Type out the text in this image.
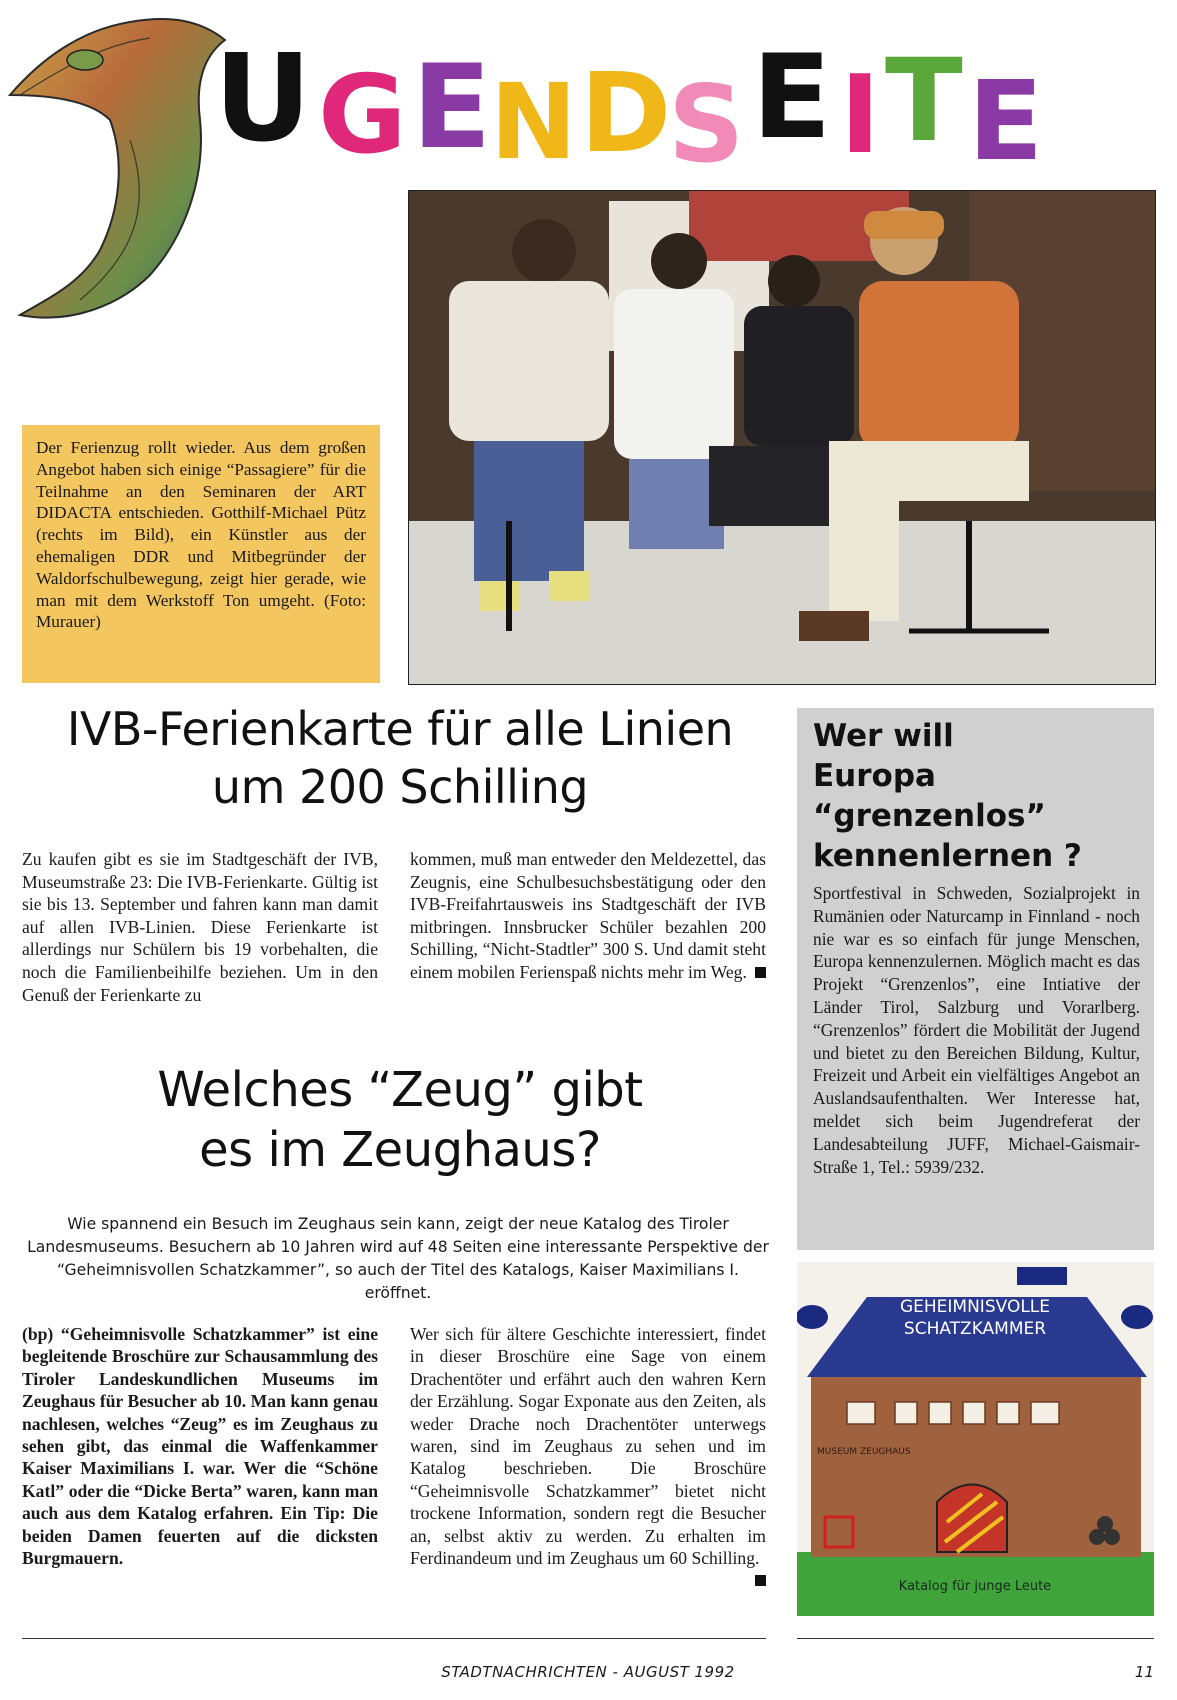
U G E
N D
S E I T E
Der Ferienzug rollt wieder. Aus dem großen Angebot haben sich einige “Passagiere” für die Teilnahme an den Seminaren der ART DIDACTA entschieden. Gotthilf-Michael Pütz (rechts im Bild), ein Künstler aus der ehemaligen DDR und Mitbegründer der Waldorfschulbewegung, zeigt hier gerade, wie man mit dem Werkstoff Ton umgeht. (Foto: Murauer)
IVB-Ferienkarte für alle Linien um 200 Schilling
Zu kaufen gibt es sie im Stadtgeschäft der IVB, Museumstraße 23: Die IVB-Ferienkarte. Gültig ist sie bis 13. September und fahren kann man damit auf allen IVB-Linien. Diese Ferienkarte ist allerdings nur Schülern bis 19 vorbehalten, die noch die Familienbeihilfe beziehen. Um in den Genuß der Ferienkarte zu
kommen, muß man entweder den Meldezettel, das Zeugnis, eine Schulbesuchsbestätigung oder den IVB-Freifahrtausweis ins Stadtgeschäft der IVB mitbringen. Innsbrucker Schüler bezahlen 200 Schilling, “Nicht-Stadtler” 300 S. Und damit steht einem mobilen Ferienspaß nichts mehr im Weg.
Welches “Zeug” gibt
es im Zeughaus?
Wie spannend ein Besuch im Zeughaus sein kann, zeigt der neue Katalog des Tiroler Landesmuseums. Besuchern ab 10 Jahren wird auf 48 Seiten eine interessante Perspektive der “Geheimnisvollen Schatzkammer”, so auch der Titel des Katalogs, Kaiser Maximilians I. eröffnet.
(bp) “Geheimnisvolle Schatzkammer” ist eine begleitende Broschüre zur Schausammlung des Tiroler Landeskundlichen Museums im Zeughaus für Besucher ab 10. Man kann genau nachlesen, welches “Zeug” es im Zeughaus zu sehen gibt, das einmal die Waffenkammer Kaiser Maximilians I. war. Wer die “Schöne Katl” oder die “Dicke Berta” waren, kann man auch aus dem Katalog erfahren. Ein Tip: Die beiden Damen feuerten auf die dicksten Burgmauern.
Wer sich für ältere Geschichte interessiert, findet in dieser Broschüre eine Sage von einem Drachentöter und erfährt auch den wahren Kern der Erzählung. Sogar Exponate aus den Zeiten, als weder Drache noch Drachentöter unterwegs waren, sind im Zeughaus zu sehen und im Katalog beschrieben. Die Broschüre “Geheimnisvolle Schatzkammer” bietet nicht trockene Information, sondern regt die Besucher an, selbst aktiv zu werden. Zu erhalten im Ferdinandeum und im Zeughaus um 60 Schilling.
Wer will
Europa
“grenzenlos”
kennenlernen ?
Sportfestival in Schweden, Sozialprojekt in Rumänien oder Naturcamp in Finnland - noch nie war es so einfach für junge Menschen, Europa kennenzulernen. Möglich macht es das Projekt “Grenzenlos”, eine Intiative der Länder Tirol, Salzburg und Vorarlberg. “Grenzenlos” fördert die Mobilität der Jugend und bietet zu den Bereichen Bildung, Kultur, Freizeit und Arbeit ein vielfältiges Angebot an Auslandsaufenthalten. Wer Interesse hat, meldet sich beim Jugendreferat der Landesabteilung JUFF, Michael-Gaismair-Straße 1, Tel.: 5939/232.
GEHEIMNISVOLLE
SCHATZKAMMER
MUSEUM ZEUGHAUS
Katalog für junge Leute
STADTNACHRICHTEN - AUGUST 1992	11
